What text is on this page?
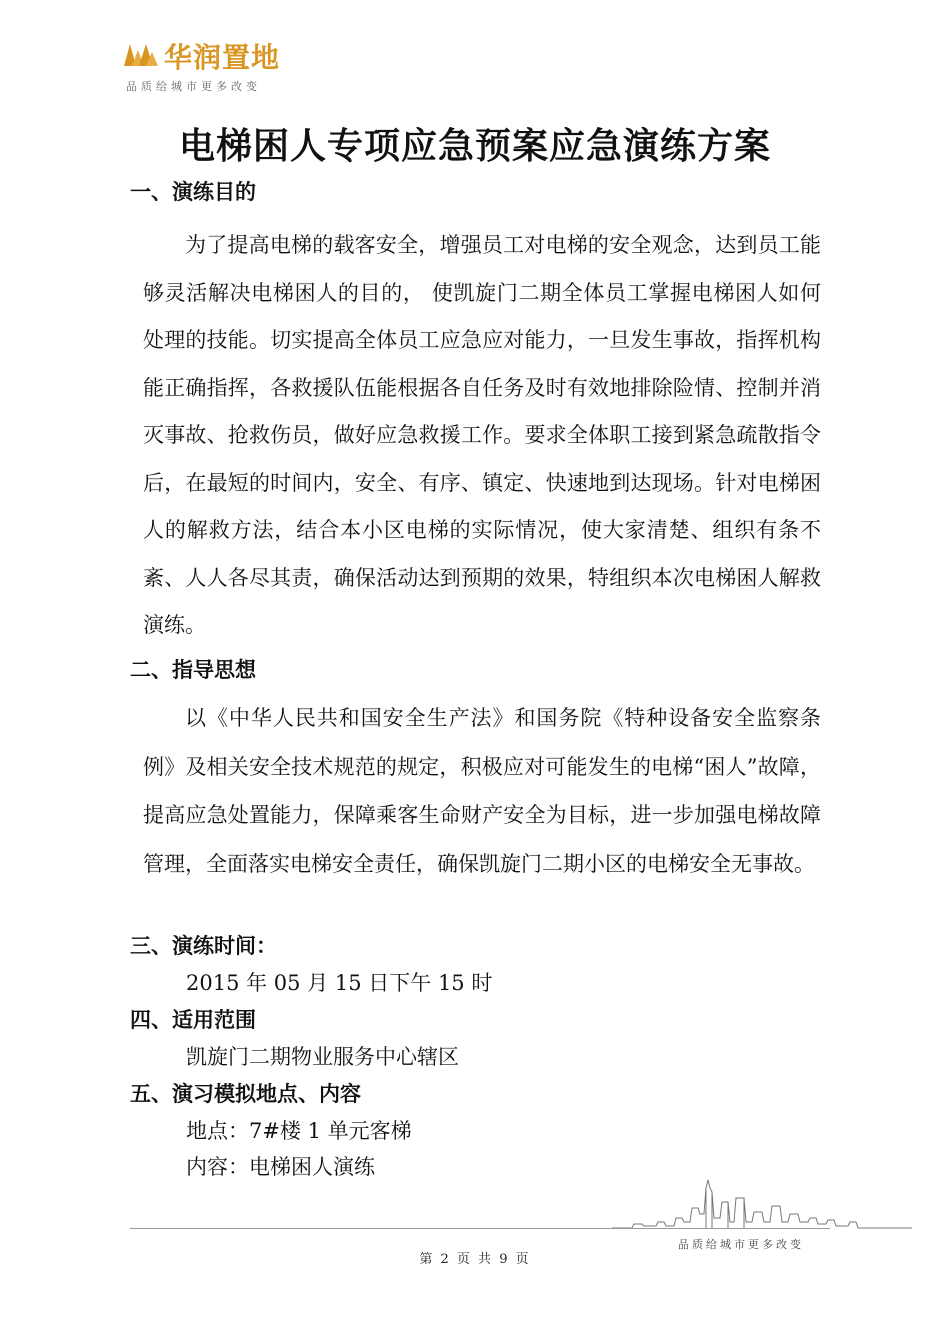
华润置地
品质给城市更多改变
电梯困人专项应急预案应急演练方案
一、演练目的

为了提高电梯的载客安全，增强员工对电梯的安全观念，达到员工能够灵活解决电梯困人的目的， 使凯旋门二期全体员工掌握电梯困人如何处理的技能。切实提高全体员工应急应对能力，一旦发生事故，指挥机构能正确指挥，各救援队伍能根据各自任务及时有效地排除险情、控制并消灭事故、抢救伤员，做好应急救援工作。要求全体职工接到紧急疏散指令后，在最短的时间内，安全、有序、镇定、快速地到达现场。针对电梯困人的解救方法，结合本小区电梯的实际情况，使大家清楚、组织有条不紊、人人各尽其责，确保活动达到预期的效果，特组织本次电梯困人解救演练。

二、指导思想

以《中华人民共和国安全生产法》和国务院《特种设备安全监察条例》及相关安全技术规范的规定，积极应对可能发生的电梯“困人”故障，提高应急处置能力，保障乘客生命财产安全为目标，进一步加强电梯故障管理，全面落实电梯安全责任，确保凯旋门二期小区的电梯安全无事故。

三、演练时间：
2015 年 05 月 15 日下午 15 时
四、适用范围
凯旋门二期物业服务中心辖区
五、演习模拟地点、内容
地点：7#楼 1 单元客梯
内容：电梯困人演练
品质给城市更多改变
第 2 页 共 9 页
